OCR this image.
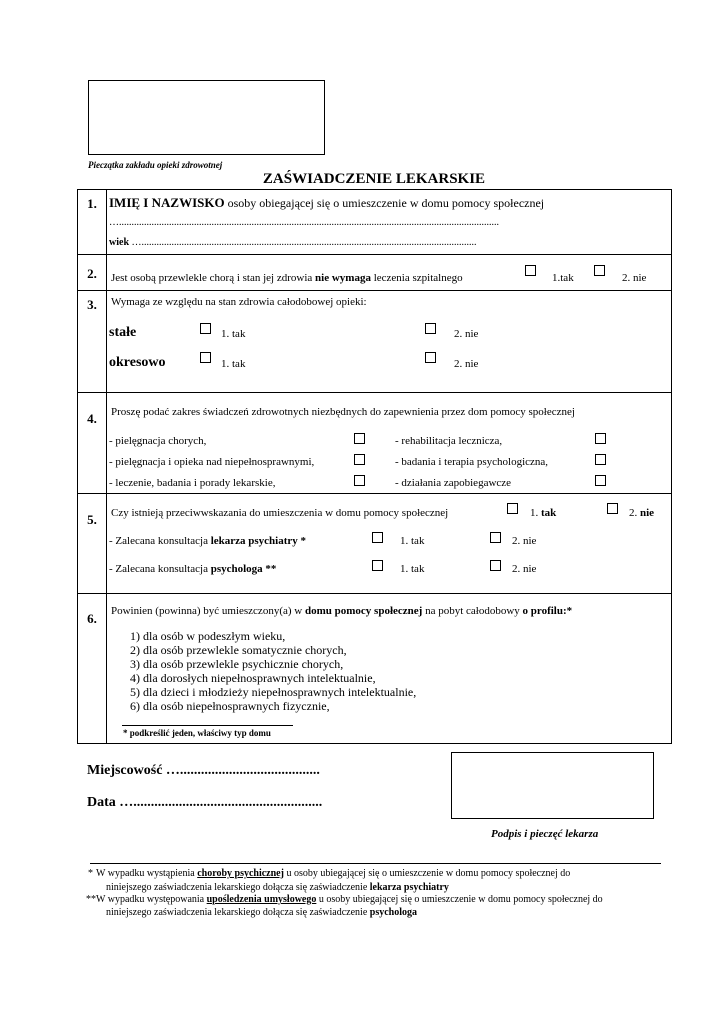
Pieczątka zakładu opieki zdrowotnej
ZAŚWIADCZENIE LEKARSKIE
1. IMIĘ I NAZWISKO osoby obiegającej się o umieszczenie w domu pomocy społecznej
…........................................................................................................................................................
wiek …......................................................................................................................................
2.	Jest osobą przewlekle chorą i stan jej zdrowia nie wymaga leczenia szpitalnego	1.tak	2. nie
3.	Wymaga ze względu na stan zdrowia całodobowej opieki:
stałe	1. tak	2. nie
okresowo	1. tak	2. nie
4.	Proszę podać zakres świadczeń zdrowotnych niezbędnych do zapewnienia przez dom pomocy społecznej
- pielęgnacja chorych,	- rehabilitacja lecznicza,
- pielęgnacja i opieka nad niepełnosprawnymi,	- badania i terapia psychologiczna,
- leczenie, badania i porady lekarskie,	- działania zapobiegawcze
5.	Czy istnieją przeciwwskazania do umieszczenia w domu pomocy społecznej	1. tak	2. nie
- Zalecana konsultacja lekarza psychiatry *	1. tak	2. nie
- Zalecana konsultacja psychologa **	1. tak	2. nie
6.	Powinien (powinna) być umieszczony(a) w domu pomocy społecznej na pobyt całodobowy o profilu:*
1) dla osób w podeszłym wieku,
2) dla osób przewlekle somatycznie chorych,
3) dla osób przewlekle psychicznie chorych,
4) dla dorosłych niepełnosprawnych intelektualnie,
5) dla dzieci i młodzieży niepełnosprawnych intelektualnie,
6) dla osób niepełnosprawnych fizycznie,
* podkreślić jeden, właściwy typ domu
Miejscowość …........................................
Data …......................................................
Podpis i pieczęć lekarza
* W wypadku wystąpienia choroby psychicznej u osoby ubiegającej się o umieszczenie w domu pomocy społecznej do
niniejszego zaświadczenia lekarskiego dołącza się zaświadczenie lekarza psychiatry
** W wypadku występowania upośledzenia umysłowego u osoby ubiegającej się o umieszczenie w domu pomocy społecznej do
niniejszego zaświadczenia lekarskiego dołącza się zaświadczenie psychologa
